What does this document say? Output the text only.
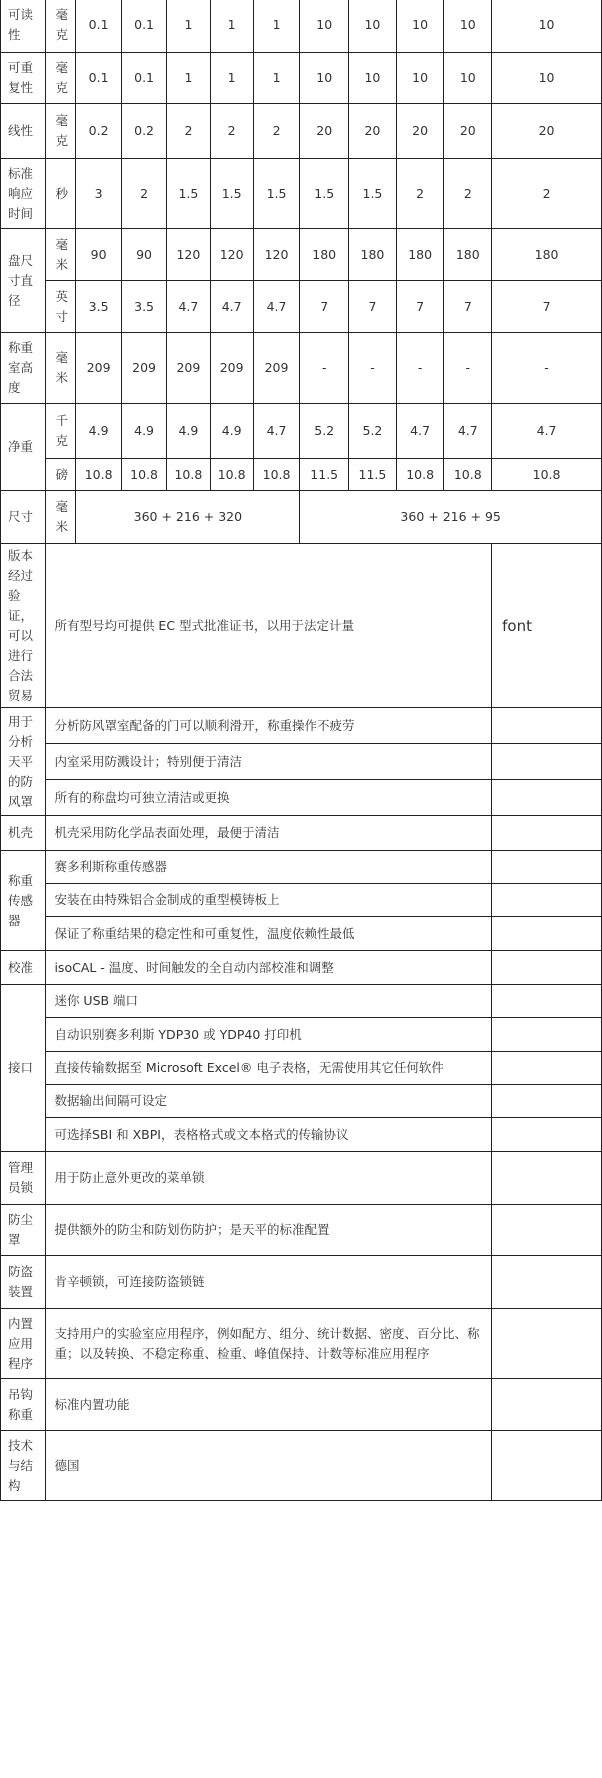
可读性	毫克	0.1	0.1	1	1	1	10	10	10	10	10
可重复性	毫克	0.1	0.1	1	1	1	10	10	10	10	10
线性	毫克	0.2	0.2	2	2	2	20	20	20	20	20
标准响应时间	秒	3	2	1.5	1.5	1.5	1.5	1.5	2	2	2
盘尺寸直径	毫米	90	90	120	120	120	180	180	180	180	180
	英寸	3.5	3.5	4.7	4.7	4.7	7	7	7	7	7
称重室高度	毫米	209	209	209	209	209	-	-	-	-	-
净重	千克	4.9	4.9	4.9	4.9	4.7	5.2	5.2	4.7	4.7	4.7
	磅	10.8	10.8	10.8	10.8	10.8	11.5	11.5	10.8	10.8	10.8
尺寸	毫米	360 + 216 + 320					360 + 216 + 95				
版本经过验证，可以进行合法贸易	所有型号均可提供 EC 型式批准证书，以用于法定计量										font
用于分析天平的防风罩	分析防风罩室配备的门可以顺利滑开，称重操作不疲劳										
	内室采用防溅设计；特别便于清洁										
	所有的称盘均可独立清洁或更换										
机壳	机壳采用防化学品表面处理，最便于清洁										
称重传感器	赛多利斯称重传感器										
	安装在由特殊铝合金制成的重型模铸板上										
	保证了称重结果的稳定性和可重复性，温度依赖性最低										
校准	isoCAL - 温度、时间触发的全自动内部校准和调整										
接口	迷你 USB 端口										
	自动识别赛多利斯 YDP30 或 YDP40 打印机										
	直接传输数据至 Microsoft Excel® 电子表格，无需使用其它任何软件										
	数据输出间隔可设定										
	可选择SBI 和 XBPI，表格格式或文本格式的传输协议										
管理员锁	用于防止意外更改的菜单锁										
防尘罩	提供额外的防尘和防划伤防护；是天平的标准配置										
防盗装置	肯辛顿锁，可连接防盗锁链										
内置应用程序	支持用户的实验室应用程序，例如配方、组分、统计数据、密度、百分比、称重；以及转换、不稳定称重、检重、峰值保持、计数等标准应用程序										
吊钩称重	标准内置功能										
技术与结构	德国										
